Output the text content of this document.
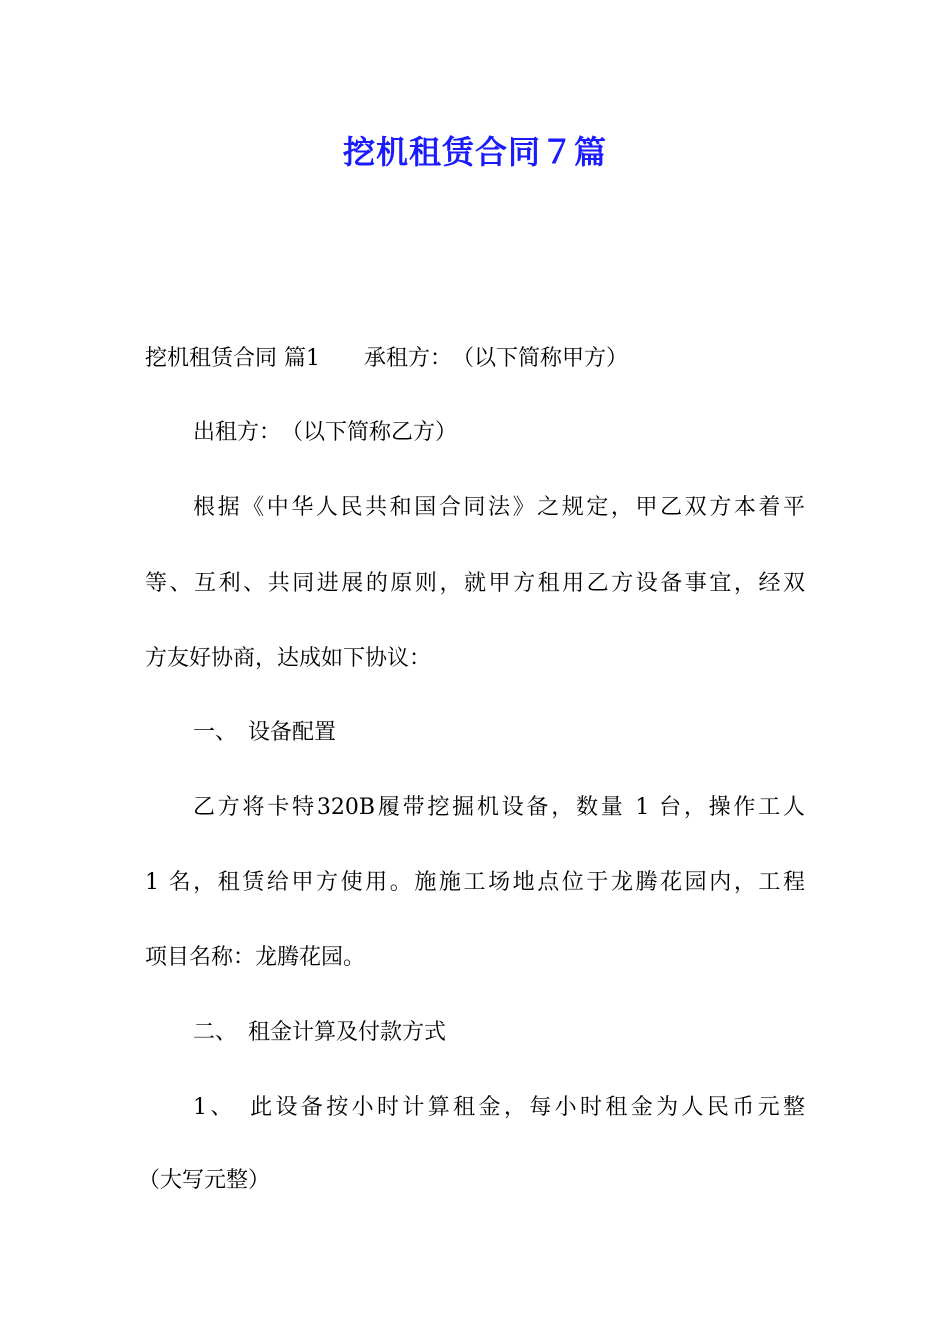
挖机租赁合同７篇
挖机租赁合同 篇1　　承租方：　（以下简称甲方）
出租方：　（以下简称乙方）
根据《中华人民共和国合同法》之规定，甲乙双方本着平
等、互利、共同进展的原则，就甲方租用乙方设备事宜，经双
方友好协商，达成如下协议：
一、　设备配置
乙方将卡特320B履带挖掘机设备，数量 1 台，操作工人
1 名，租赁给甲方使用。施施工场地点位于龙腾花园内，工程
项目名称：龙腾花园。
二、　租金计算及付款方式
1、　此设备按小时计算租金，每小时租金为人民币元整
（大写元整）
